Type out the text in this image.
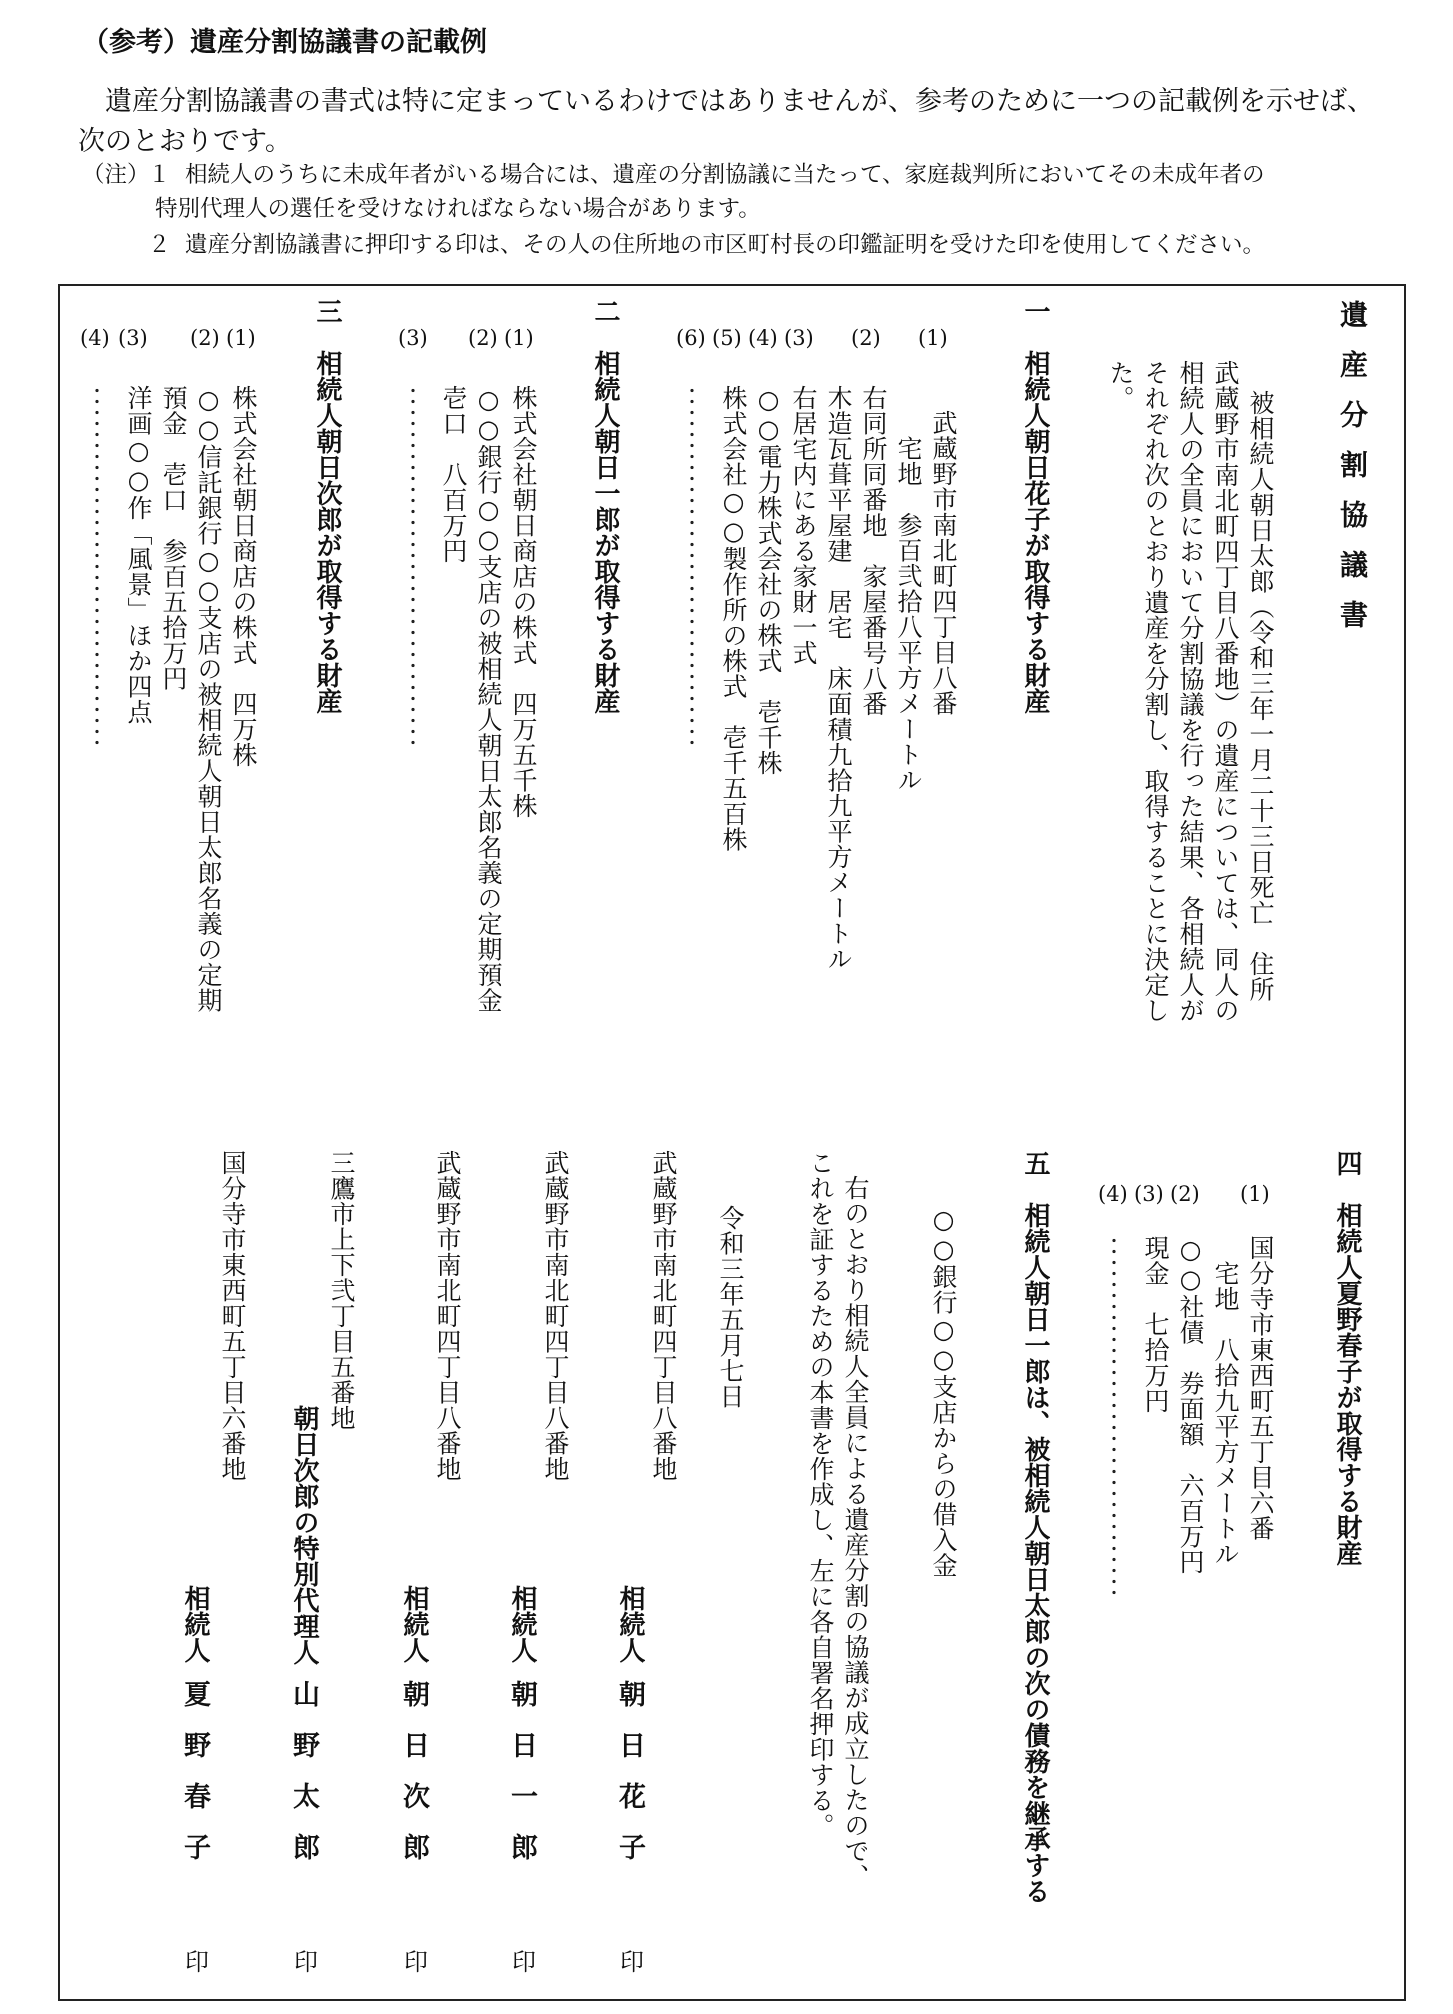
（参考）遺産分割協議書の記載例

遺産分割協議書の書式は特に定まっているわけではありませんが、参考のために一つの記載例を示せば、次のとおりです。

（注）
１ 相続人のうちに未成年者がいる場合には、遺産の分割協議に当たって、家庭裁判所においてその未成年者の
特別代理人の選任を受けなければならない場合があります。
２ 遺産分割協議書に押印する印は、その人の住所地の市区町村長の印鑑証明を受けた印を使用してください。
遺産分割協議書
被相続人朝日太郎（令和三年一月二十三日死亡　住所
武蔵野市南北町四丁目八番地）の遺産については、同人の
相続人の全員において分割協議を行った結果、各相続人が
それぞれ次のとおり遺産を分割し、取得することに決定し
た。
一　相続人朝日花子が取得する財産
(1)
武蔵野市南北町四丁目八番
　宅地　参百弐拾八平方メートル
(2)
右同所同番地　家屋番号八番
木造瓦葺平屋建　居宅　床面積九拾九平方メートル
(3)
右居宅内にある家財一式
(4)
○○電力株式会社の株式　壱千株
(5)
株式会社○○製作所の株式　壱千五百株
(6)
二　相続人朝日一郎が取得する財産
(1)
株式会社朝日商店の株式　四万五千株
(2)
○○銀行○○支店の被相続人朝日太郎名義の定期預金
壱口　八百万円
(3)
三　相続人朝日次郎が取得する財産
(1)
株式会社朝日商店の株式　四万株
(2)
○○信託銀行○○支店の被相続人朝日太郎名義の定期
預金　壱口　参百五拾万円
(3)
洋画○○作「風景」ほか四点
(4)
四　相続人夏野春子が取得する財産
(1)
国分寺市東西町五丁目六番
　宅地　八拾九平方メートル
(2)
○○社債　券面額　六百万円
(3)
現金　七拾万円
(4)
五　相続人朝日一郎は、被相続人朝日太郎の次の債務を継承する
○○銀行○○支店からの借入金
右のとおり相続人全員による遺産分割の協議が成立したので、
これを証するための本書を作成し、左に各自署名押印する。
令和三年五月七日
武蔵野市南北町四丁目八番地
相続人
朝日花子
印
武蔵野市南北町四丁目八番地
相続人
朝日一郎
印
武蔵野市南北町四丁目八番地
相続人
朝日次郎
印
三鷹市上下弐丁目五番地
朝日次郎の特別代理人
山野太郎
印
国分寺市東西町五丁目六番地
相続人
夏野春子
印
